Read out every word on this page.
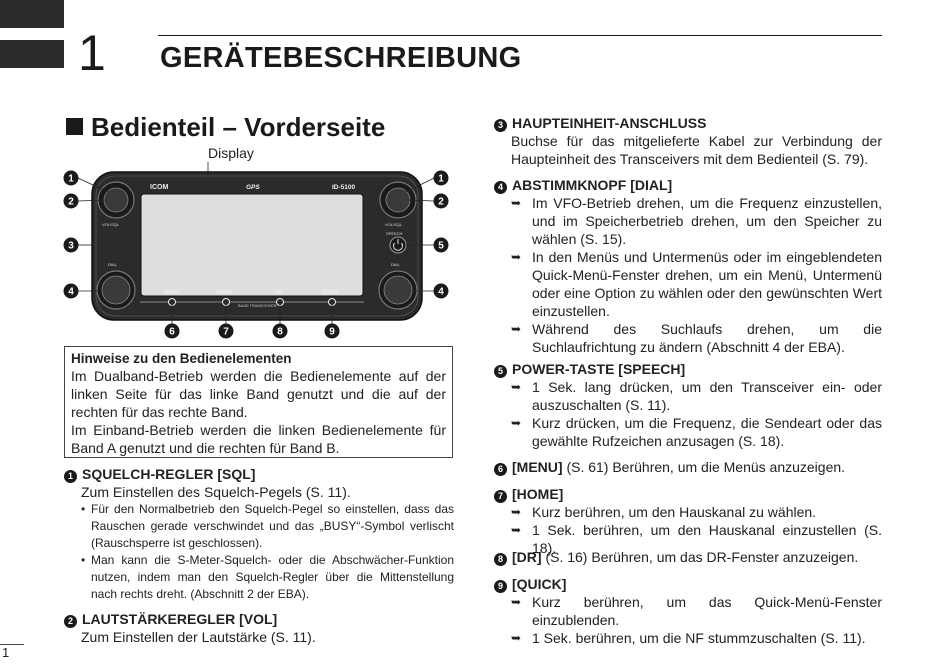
1 GERÄTEBESCHREIBUNG
Bedienteil – Vorderseite
Display
ICOM	GPS	ID-5100
VOL/SQL
DIAL
VOL/SQL
SPEECH
DIAL
MENU	HOME	DR	QUICK
BAND TRANSCEIVER
1
2
3
4
1
2
5
4
6	7	8	9
Hinweise zu den Bedienelementen
Im Dualband-Betrieb werden die Bedienelemente auf der linken Seite für das linke Band genutzt und die auf der rechten für das rechte Band.
Im Einband-Betrieb werden die linken Bedienelemente für Band A genutzt und die rechten für Band B.
1 SQUELCH-REGLER [SQL]
Zum Einstellen des Squelch-Pegels (S. 11).
• Für den Normalbetrieb den Squelch-Pegel so einstellen, dass das Rauschen gerade verschwindet und das „BUSY“-Symbol verlischt (Rauschsperre ist geschlossen).
• Man kann die S-Meter-Squelch- oder die Abschwächer-Funktion nutzen, indem man den Squelch-Regler über die Mittenstellung nach rechts dreht. (Abschnitt 2 der EBA).
2 LAUTSTÄRKEREGLER [VOL]
Zum Einstellen der Lautstärke (S. 11).
3 HAUPTEINHEIT-ANSCHLUSS
Buchse für das mitgelieferte Kabel zur Verbindung der Haupteinheit des Transceivers mit dem Bedienteil (S. 79).
4 ABSTIMMKNOPF [DIAL]
➥ Im VFO-Betrieb drehen, um die Frequenz einzustellen, und im Speicherbetrieb drehen, um den Speicher zu wählen (S. 15).
➥ In den Menüs und Untermenüs oder im eingeblendeten Quick-Menü-Fenster drehen, um ein Menü, Untermenü oder eine Option zu wählen oder den gewünschten Wert einzustellen.
➥ Während des Suchlaufs drehen, um die Suchlaufrichtung zu ändern (Abschnitt 4 der EBA).
5 POWER-TASTE [SPEECH]
➥ 1 Sek. lang drücken, um den Transceiver ein- oder auszuschalten (S. 11).
➥ Kurz drücken, um die Frequenz, die Sendeart oder das gewählte Rufzeichen anzusagen (S. 18).
6 [MENU] (S. 61) Berühren, um die Menüs anzuzeigen.
7 [HOME]
➥ Kurz berühren, um den Hauskanal zu wählen.
➥ 1 Sek. berühren, um den Hauskanal einzustellen (S. 18).
8 [DR] (S. 16) Berühren, um das DR-Fenster anzuzeigen.
9 [QUICK]
➥ Kurz berühren, um das Quick-Menü-Fenster einzublenden.
➥ 1 Sek. berühren, um die NF stummzuschalten (S. 11).
1
